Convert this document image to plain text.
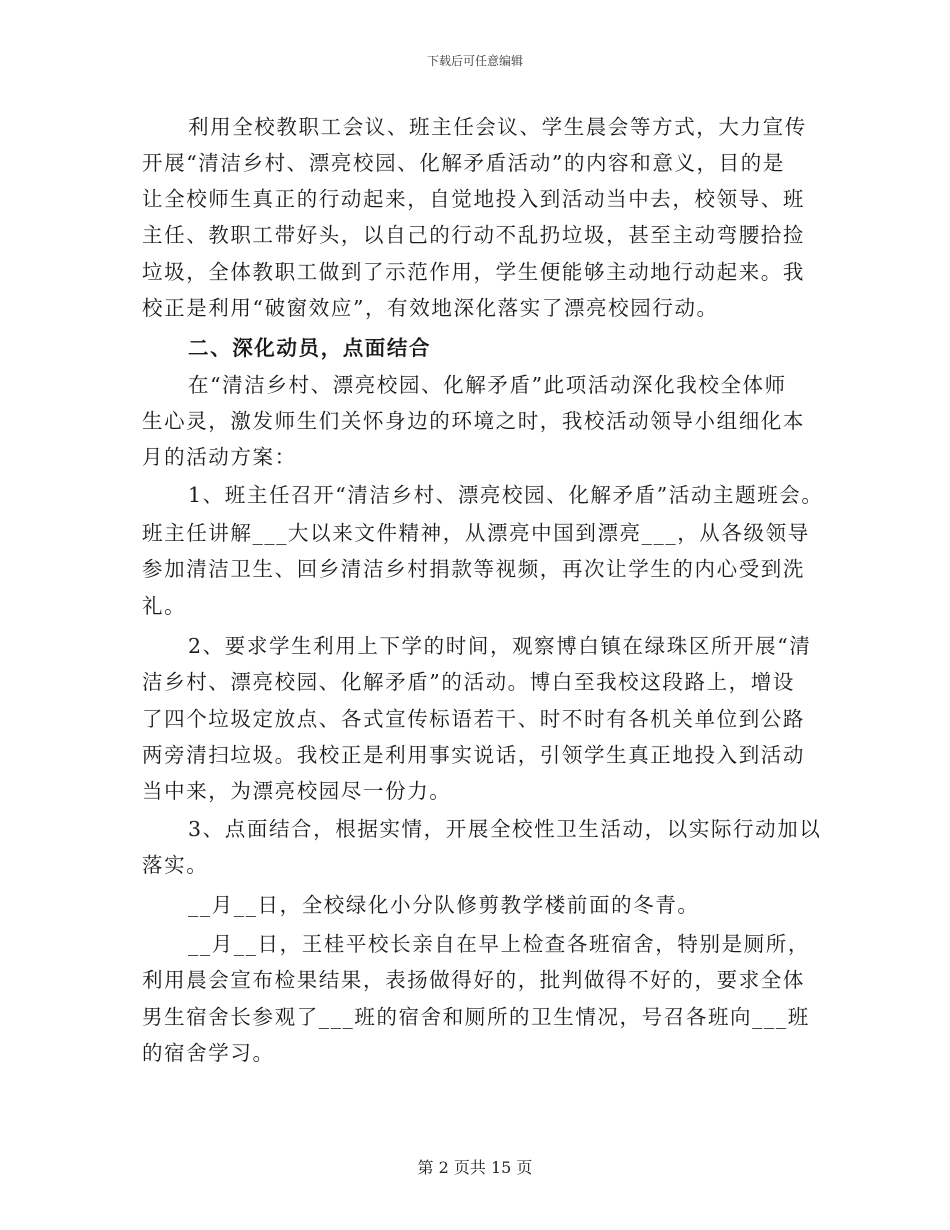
下载后可任意编辑
利用全校教职工会议、班主任会议、学生晨会等方式，大力宣传
开展“清洁乡村、漂亮校园、化解矛盾活动”的内容和意义，目的是
让全校师生真正的行动起来，自觉地投入到活动当中去，校领导、班
主任、教职工带好头，以自己的行动不乱扔垃圾，甚至主动弯腰拾捡
垃圾，全体教职工做到了示范作用，学生便能够主动地行动起来。我
校正是利用“破窗效应”，有效地深化落实了漂亮校园行动。
二、深化动员，点面结合
在“清洁乡村、漂亮校园、化解矛盾”此项活动深化我校全体师
生心灵，激发师生们关怀身边的环境之时，我校活动领导小组细化本
月的活动方案：
1、班主任召开“清洁乡村、漂亮校园、化解矛盾”活动主题班会。
班主任讲解___大以来文件精神，从漂亮中国到漂亮___，从各级领导
参加清洁卫生、回乡清洁乡村捐款等视频，再次让学生的内心受到洗
礼。
2、要求学生利用上下学的时间，观察博白镇在绿珠区所开展“清
洁乡村、漂亮校园、化解矛盾”的活动。博白至我校这段路上，增设
了四个垃圾定放点、各式宣传标语若干、时不时有各机关单位到公路
两旁清扫垃圾。我校正是利用事实说话，引领学生真正地投入到活动
当中来，为漂亮校园尽一份力。
3、点面结合，根据实情，开展全校性卫生活动，以实际行动加以
落实。
__月__日，全校绿化小分队修剪教学楼前面的冬青。
__月__日，王桂平校长亲自在早上检查各班宿舍，特别是厕所，
利用晨会宣布检果结果，表扬做得好的，批判做得不好的，要求全体
男生宿舍长参观了___班的宿舍和厕所的卫生情况，号召各班向___班
的宿舍学习。
第 2 页共 15 页
